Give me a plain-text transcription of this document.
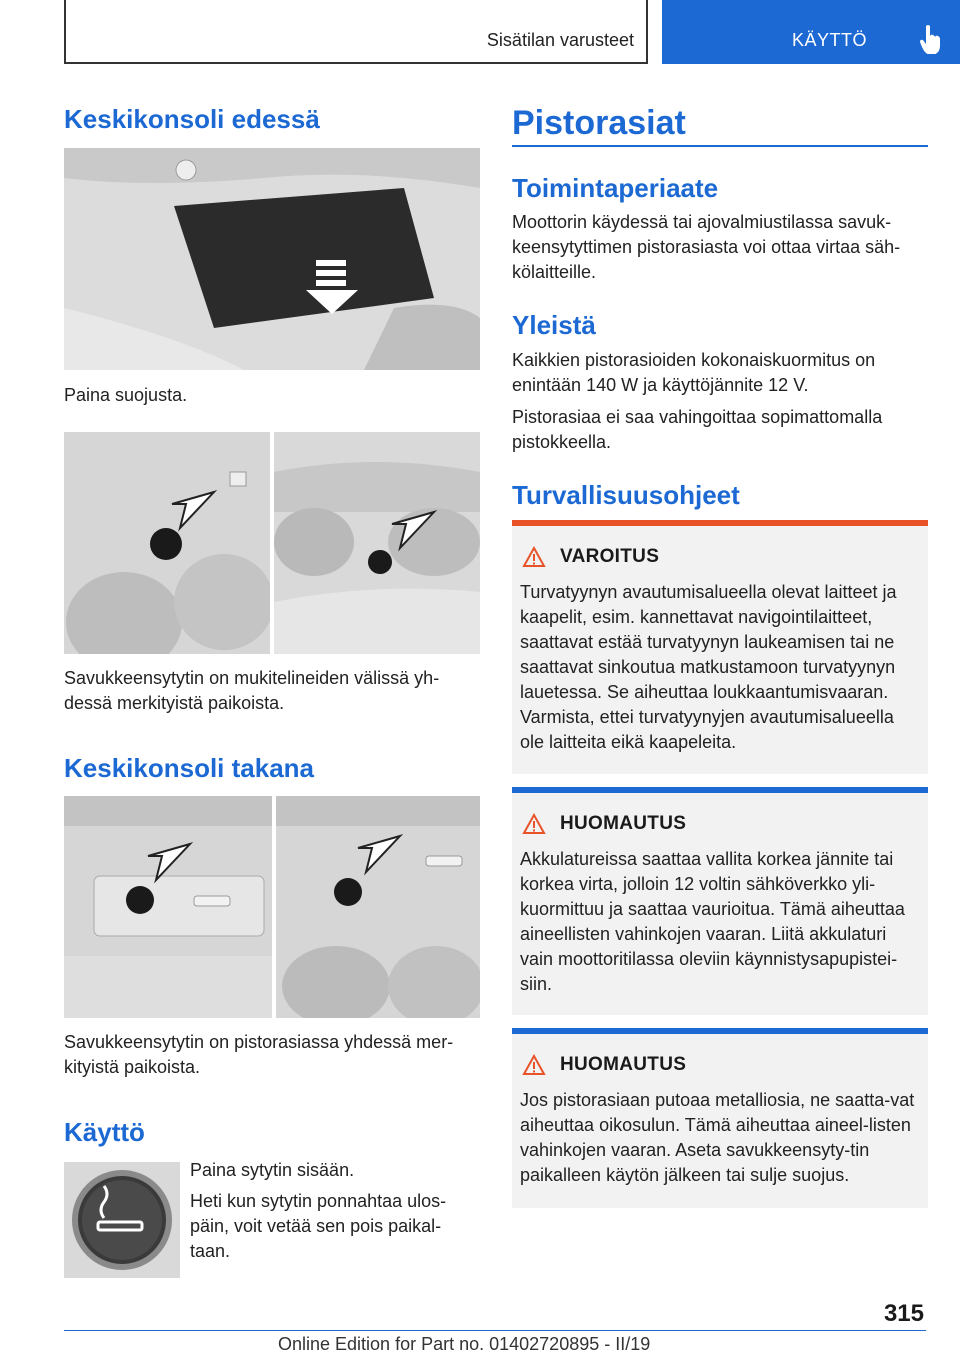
Sisätilan varusteet	KÄYTTÖ
Keskikonsoli edessä

Paina suojusta.

Savukkeensytytin on mukitelineiden välissä yh-dessä merkityistä paikoista.

Keskikonsoli takana

Savukkeensytytin on pistorasiassa yhdessä mer-kityistä paikoista.

Käyttö

Paina sytytin sisään.

Heti kun sytytin ponnahtaa ulos-päin, voit vetää sen pois paikal-taan.

Pistorasiat
Toimintaperiaate

Moottorin käydessä tai ajovalmiustilassa savuk-keensytyttimen pistorasiasta voi ottaa virtaa säh-kölaitteille.

Yleistä

Kaikkien pistorasioiden kokonaiskuormitus on enintään 140 W ja käyttöjännite 12 V.

Pistorasiaa ei saa vahingoittaa sopimattomalla pistokkeella.

Turvallisuusohjeet
VAROITUS

Turvatyynyn avautumisalueella olevat laitteet ja kaapelit, esim. kannettavat navigointilaitteet, saattavat estää turvatyynyn laukeamisen tai ne saattavat sinkoutua matkustamoon turvatyynyn lauetessa. Se aiheuttaa loukkaantumisvaaran. Varmista, ettei turvatyynyjen avautumisalueella ole laitteita eikä kaapeleita.

HUOMAUTUS

Akkulatureissa saattaa vallita korkea jännite tai korkea virta, jolloin 12 voltin sähköverkko yli-kuormittuu ja saattaa vaurioitua. Tämä aiheuttaa aineellisten vahinkojen vaaran. Liitä akkulaturi vain moottoritilassa oleviin käynnistysapupistei-siin.

HUOMAUTUS

Jos pistorasiaan putoaa metalliosia, ne saatta-vat aiheuttaa oikosulun. Tämä aiheuttaa aineel-listen vahinkojen vaaran. Aseta savukkeensyty-tin paikalleen käytön jälkeen tai sulje suojus.

315
Online Edition for Part no. 01402720895 - II/19
